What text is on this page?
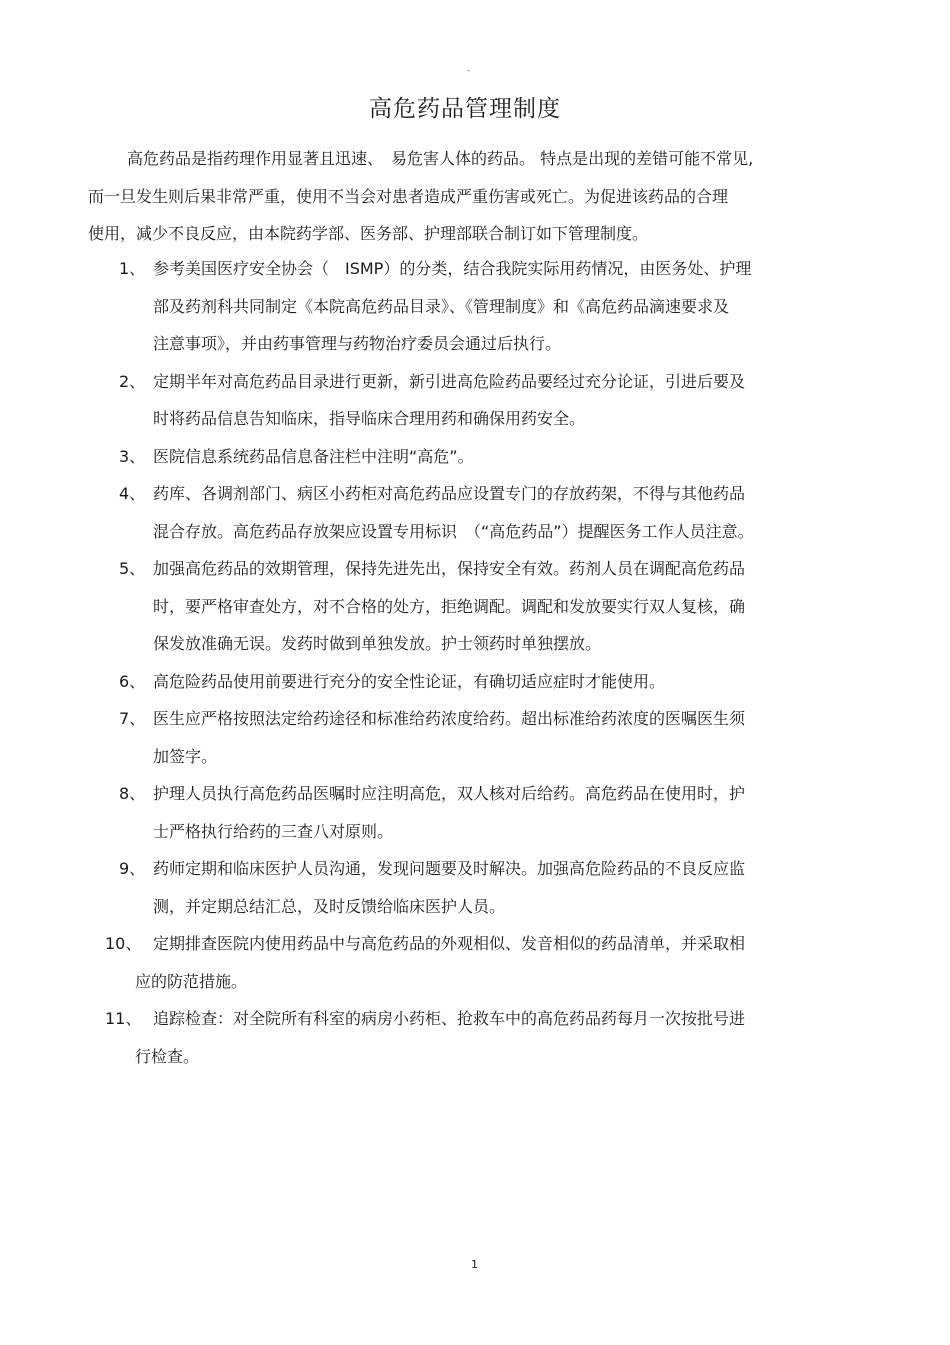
-
高危药品管理制度
高危药品是指药理作用显著且迅速、　易危害人体的药品。 特点是出现的差错可能不常见,
而一旦发生则后果非常严重，使用不当会对患者造成严重伤害或死亡。为促进该药品的合理
使用，减少不良反应，由本院药学部、医务部、护理部联合制订如下管理制度。
1、 参考美国医疗安全协会（　ISMP）的分类，结合我院实际用药情况，由医务处、护理
部及药剂科共同制定《本院高危药品目录》、《管理制度》和《高危药品滴速要求及
注意事项》，并由药事管理与药物治疗委员会通过后执行。
2、 定期半年对高危药品目录进行更新，新引进高危险药品要经过充分论证，引进后要及
时将药品信息告知临床，指导临床合理用药和确保用药安全。
3、 医院信息系统药品信息备注栏中注明“高危”。
4、 药库、各调剂部门、病区小药柜对高危药品应设置专门的存放药架，不得与其他药品
混合存放。高危药品存放架应设置专用标识　（“高危药品”）提醒医务工作人员注意。
5、 加强高危药品的效期管理，保持先进先出，保持安全有效。药剂人员在调配高危药品
时，要严格审查处方，对不合格的处方，拒绝调配。调配和发放要实行双人复核，确
保发放准确无误。发药时做到单独发放。护士领药时单独摆放。
6、 高危险药品使用前要进行充分的安全性论证，有确切适应症时才能使用。
7、 医生应严格按照法定给药途径和标准给药浓度给药。超出标准给药浓度的医嘱医生须
加签字。
8、 护理人员执行高危药品医嘱时应注明高危，双人核对后给药。高危药品在使用时，护
士严格执行给药的三查八对原则。
9、 药师定期和临床医护人员沟通，发现问题要及时解决。加强高危险药品的不良反应监
测，并定期总结汇总，及时反馈给临床医护人员。
10、 定期排查医院内使用药品中与高危药品的外观相似、发音相似的药品清单，并采取相
应的防范措施。
11、 追踪检查：对全院所有科室的病房小药柜、抢救车中的高危药品药每月一次按批号进
行检查。
1
